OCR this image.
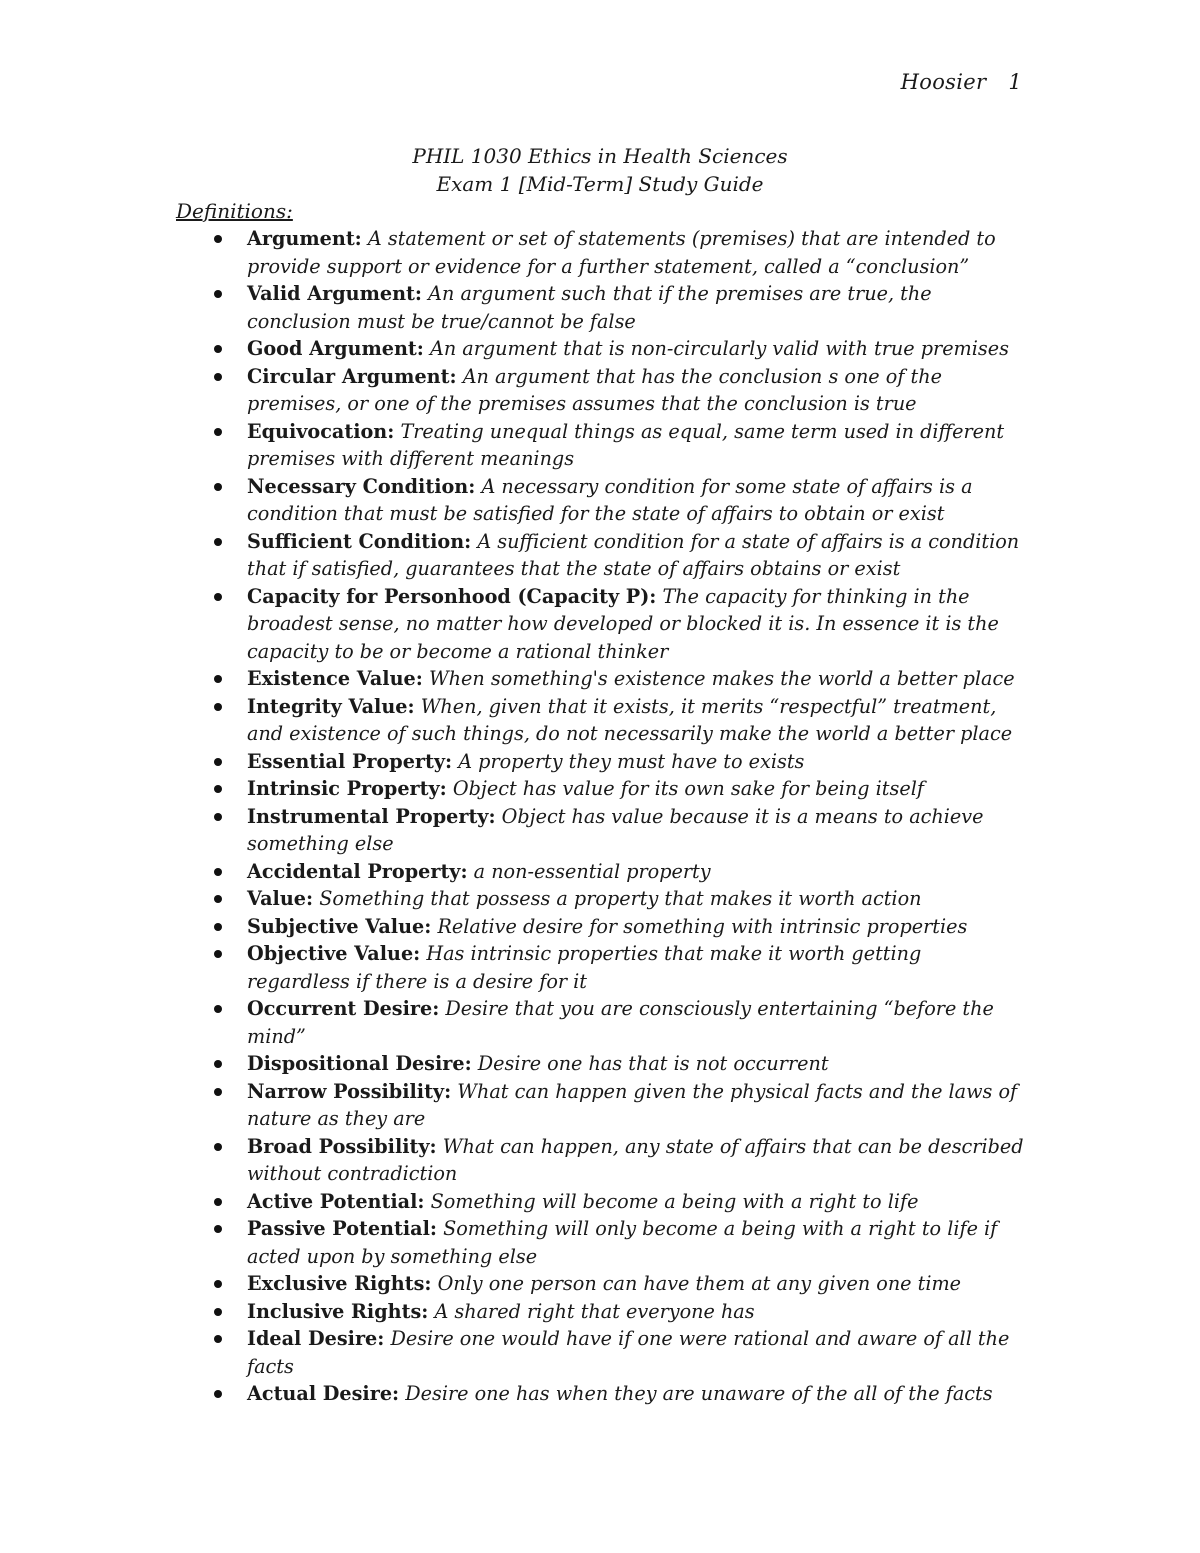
Hoosier 1
PHIL 1030 Ethics in Health Sciences
Exam 1 [Mid-Term] Study Guide
Definitions:
Argument: A statement or set of statements (premises) that are intended to provide support or evidence for a further statement, called a “conclusion”
Valid Argument: An argument such that if the premises are true, the conclusion must be true/cannot be false
Good Argument: An argument that is non-circularly valid with true premises
Circular Argument: An argument that has the conclusion s one of the premises, or one of the premises assumes that the conclusion is true
Equivocation: Treating unequal things as equal, same term used in different premises with different meanings
Necessary Condition: A necessary condition for some state of affairs is a condition that must be satisfied for the state of affairs to obtain or exist
Sufficient Condition: A sufficient condition for a state of affairs is a condition that if satisfied, guarantees that the state of affairs obtains or exist
Capacity for Personhood (Capacity P): The capacity for thinking in the broadest sense, no matter how developed or blocked it is. In essence it is the capacity to be or become a rational thinker
Existence Value: When something's existence makes the world a better place
Integrity Value: When, given that it exists, it merits “respectful” treatment, and existence of such things, do not necessarily make the world a better place
Essential Property: A property they must have to exists
Intrinsic Property: Object has value for its own sake for being itself
Instrumental Property: Object has value because it is a means to achieve something else
Accidental Property: a non-essential property
Value: Something that possess a property that makes it worth action
Subjective Value: Relative desire for something with intrinsic properties
Objective Value: Has intrinsic properties that make it worth getting regardless if there is a desire for it
Occurrent Desire: Desire that you are consciously entertaining “before the mind”
Dispositional Desire: Desire one has that is not occurrent
Narrow Possibility: What can happen given the physical facts and the laws of nature as they are
Broad Possibility: What can happen, any state of affairs that can be described without contradiction
Active Potential: Something will become a being with a right to life
Passive Potential: Something will only become a being with a right to life if acted upon by something else
Exclusive Rights: Only one person can have them at any given one time
Inclusive Rights: A shared right that everyone has
Ideal Desire: Desire one would have if one were rational and aware of all the facts
Actual Desire: Desire one has when they are unaware of the all of the facts
